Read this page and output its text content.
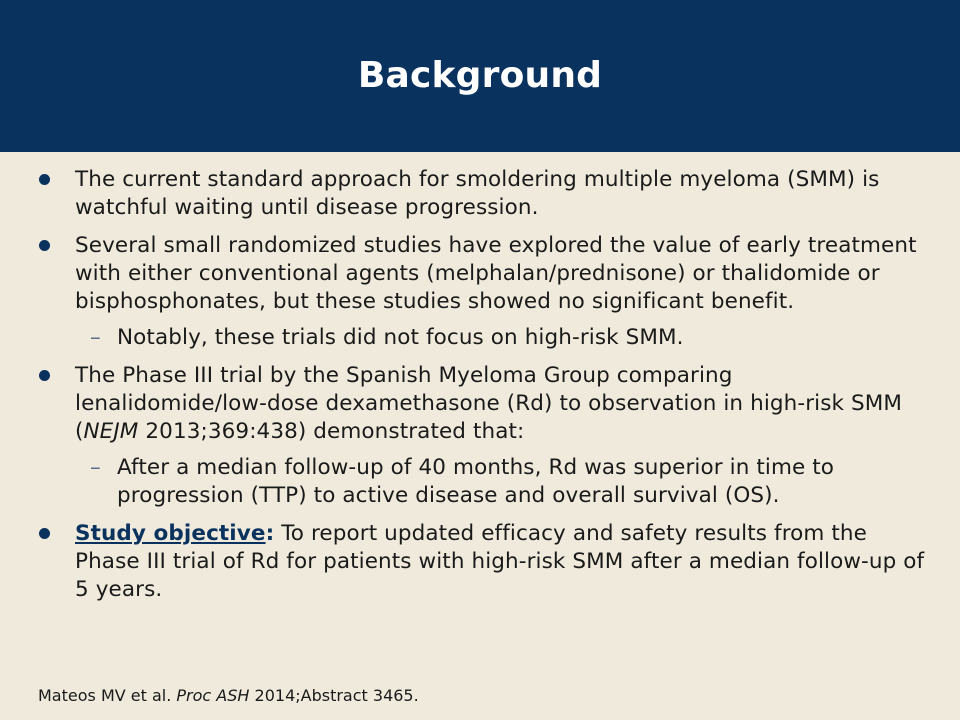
Background
The current standard approach for smoldering multiple myeloma (SMM) is watchful waiting until disease progression.
Several small randomized studies have explored the value of early treatment with either conventional agents (melphalan/prednisone) or thalidomide or bisphosphonates, but these studies showed no significant benefit.
– Notably, these trials did not focus on high-risk SMM.
The Phase III trial by the Spanish Myeloma Group comparing lenalidomide/low-dose dexamethasone (Rd) to observation in high-risk SMM (NEJM 2013;369:438) demonstrated that:
– After a median follow-up of 40 months, Rd was superior in time to progression (TTP) to active disease and overall survival (OS).
Study objective: To report updated efficacy and safety results from the Phase III trial of Rd for patients with high-risk SMM after a median follow-up of 5 years.
Mateos MV et al. Proc ASH 2014;Abstract 3465.
